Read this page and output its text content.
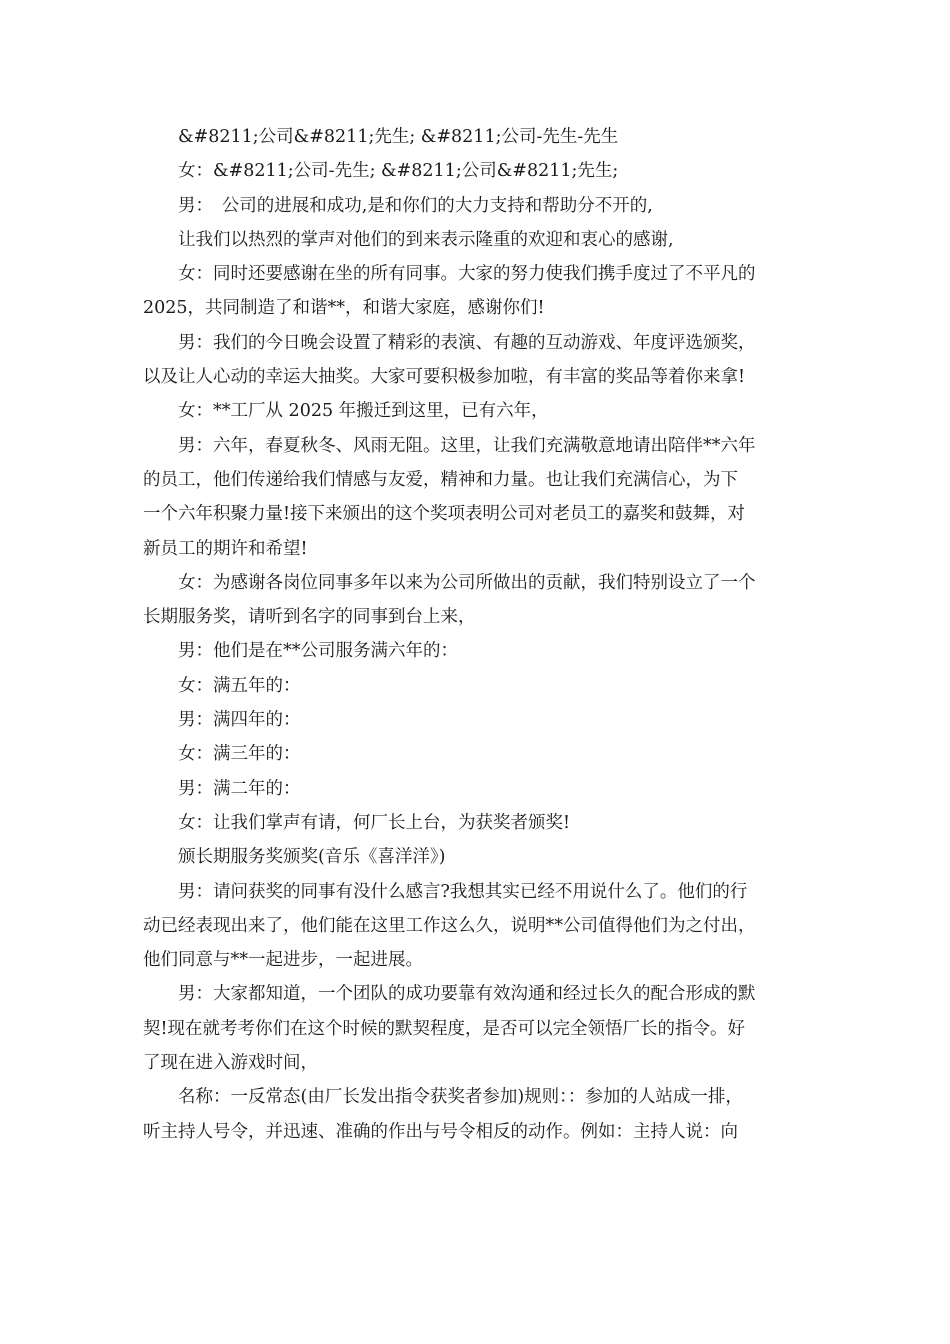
&#8211;公司&#8211;先生; &#8211;公司-先生-先生
女：&#8211;公司-先生; &#8211;公司&#8211;先生;
男：　公司的进展和成功,是和你们的大力支持和帮助分不开的,
让我们以热烈的掌声对他们的到来表示隆重的欢迎和衷心的感谢,
女：同时还要感谢在坐的所有同事。大家的努力使我们携手度过了不平凡的
2025，共同制造了和谐**，和谐大家庭，感谢你们!
男：我们的今日晚会设置了精彩的表演、有趣的互动游戏、年度评选颁奖，
以及让人心动的幸运大抽奖。大家可要积极参加啦，有丰富的奖品等着你来拿!
女：**工厂从 2025 年搬迁到这里，已有六年，
男：六年，春夏秋冬、风雨无阻。这里，让我们充满敬意地请出陪伴**六年
的员工，他们传递给我们情感与友爱，精神和力量。也让我们充满信心，为下
一个六年积聚力量!接下来颁出的这个奖项表明公司对老员工的嘉奖和鼓舞，对
新员工的期许和希望!
女：为感谢各岗位同事多年以来为公司所做出的贡献，我们特别设立了一个
长期服务奖，请听到名字的同事到台上来，
男：他们是在**公司服务满六年的：
女：满五年的：
男：满四年的：
女：满三年的：
男：满二年的：
女：让我们掌声有请，何厂长上台，为获奖者颁奖!
颁长期服务奖颁奖(音乐《喜洋洋》)
男：请问获奖的同事有没什么感言?我想其实已经不用说什么了。他们的行
动已经表现出来了，他们能在这里工作这么久，说明**公司值得他们为之付出，
他们同意与**一起进步，一起进展。
男：大家都知道，一个团队的成功要靠有效沟通和经过长久的配合形成的默
契!现在就考考你们在这个时候的默契程度，是否可以完全领悟厂长的指令。好
了现在进入游戏时间，
名称：一反常态(由厂长发出指令获奖者参加)规则：：参加的人站成一排，
听主持人号令，并迅速、准确的作出与号令相反的动作。例如：主持人说：向
